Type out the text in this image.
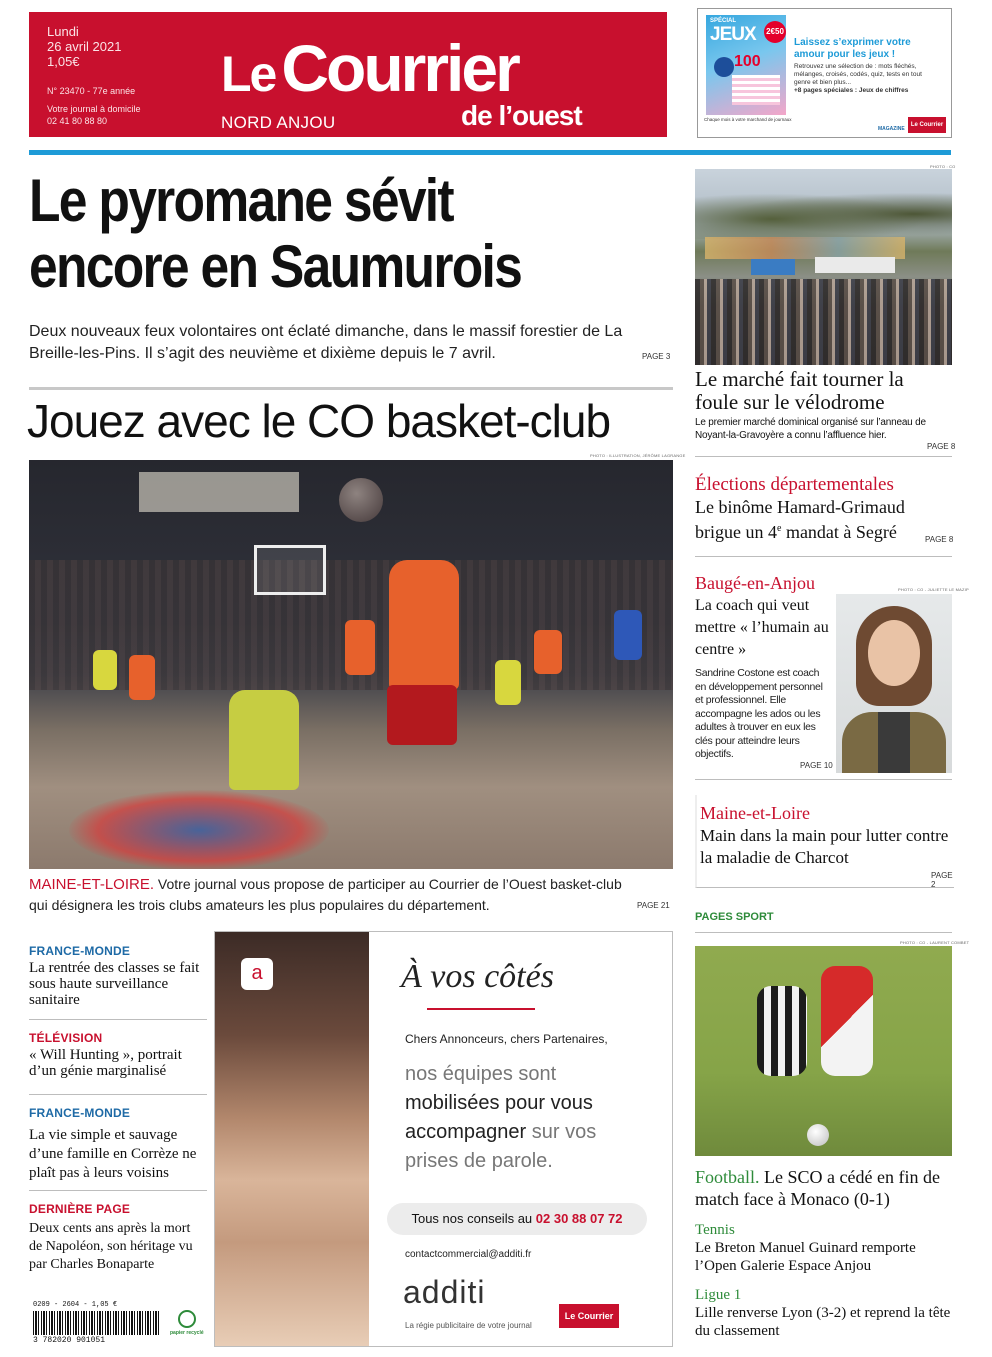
Lundi
26 avril 2021
1,05€
N° 23470 - 77e année
Votre journal à domicile
02 41 80 88 80
LeCourrier
de l’ouest
NORD ANJOU
SPÉCIAL
JEUX 2€50
100
Chaque mois à votre marchand de journaux
Laissez s’exprimer votre amour pour les jeux !
Retrouvez une sélection de : mots fléchés, mélanges, croisés, codés, quiz, tests en tout genre et bien plus...
+8 pages spéciales : Jeux de chiffres
MAGAZINE
Le Courrier
Le pyromane sévit encore en Saumurois
Deux nouveaux feux volontaires ont éclaté dimanche, dans le massif forestier de La Breille-les-Pins. Il s’agit des neuvième et dixième depuis le 7 avril.	PAGE 3
Jouez avec le CO basket-club
PHOTO : ILLUSTRATION, JÉRÔME LAGRANGE
MAINE-ET-LOIRE. Votre journal vous propose de participer au Courrier de l’Ouest basket-club qui désignera les trois clubs amateurs les plus populaires du département.	PAGE 21
FRANCE-MONDE
La rentrée des classes se fait sous haute surveillance sanitaire
TÉLÉVISION
« Will Hunting », portrait d’un génie marginalisé
FRANCE-MONDE
La vie simple et sauvage d’une famille en Corrèze ne plaît pas à leurs voisins
DERNIÈRE PAGE
Deux cents ans après la mort de Napoléon, son héritage vu par Charles Bonaparte
0209 - 2604 - 1,05 €
3 782020 901051
papier recyclé
a	À vos côtés
Chers Annonceurs, chers Partenaires,
nos équipes sont
mobilisées pour vous
accompagner sur vos
prises de parole.
Tous nos conseils au 02 30 88 07 72
contactcommercial@additi.fr
additi
La régie publicitaire de votre journal
Le Courrier
PHOTO : CO
Le marché fait tourner la foule sur le vélodrome
Le premier marché dominical organisé sur l’anneau de Noyant-la-Gravoyère a connu l’affluence hier.
PAGE 8
Élections départementales
Le binôme Hamard-Grimaud brigue un 4e mandat à Segré	PAGE 8
Baugé-en-Anjou	PHOTO : CO - JULIETTE LE MAZIP
La coach qui veut mettre « l’humain au centre »
Sandrine Costone est coach en développement personnel et professionnel. Elle accompagne les ados ou les adultes à trouver en eux les clés pour atteindre leurs objectifs.
PAGE 10
Maine-et-Loire
Main dans la main pour lutter contre la maladie de Charcot
PAGE 2
PAGES SPORT
PHOTO : CO - LAURENT COMBET
Football. Le SCO a cédé en fin de match face à Monaco (0-1)
Tennis
Le Breton Manuel Guinard remporte l’Open Galerie Espace Anjou
Ligue 1
Lille renverse Lyon (3-2) et reprend la tête du classement
